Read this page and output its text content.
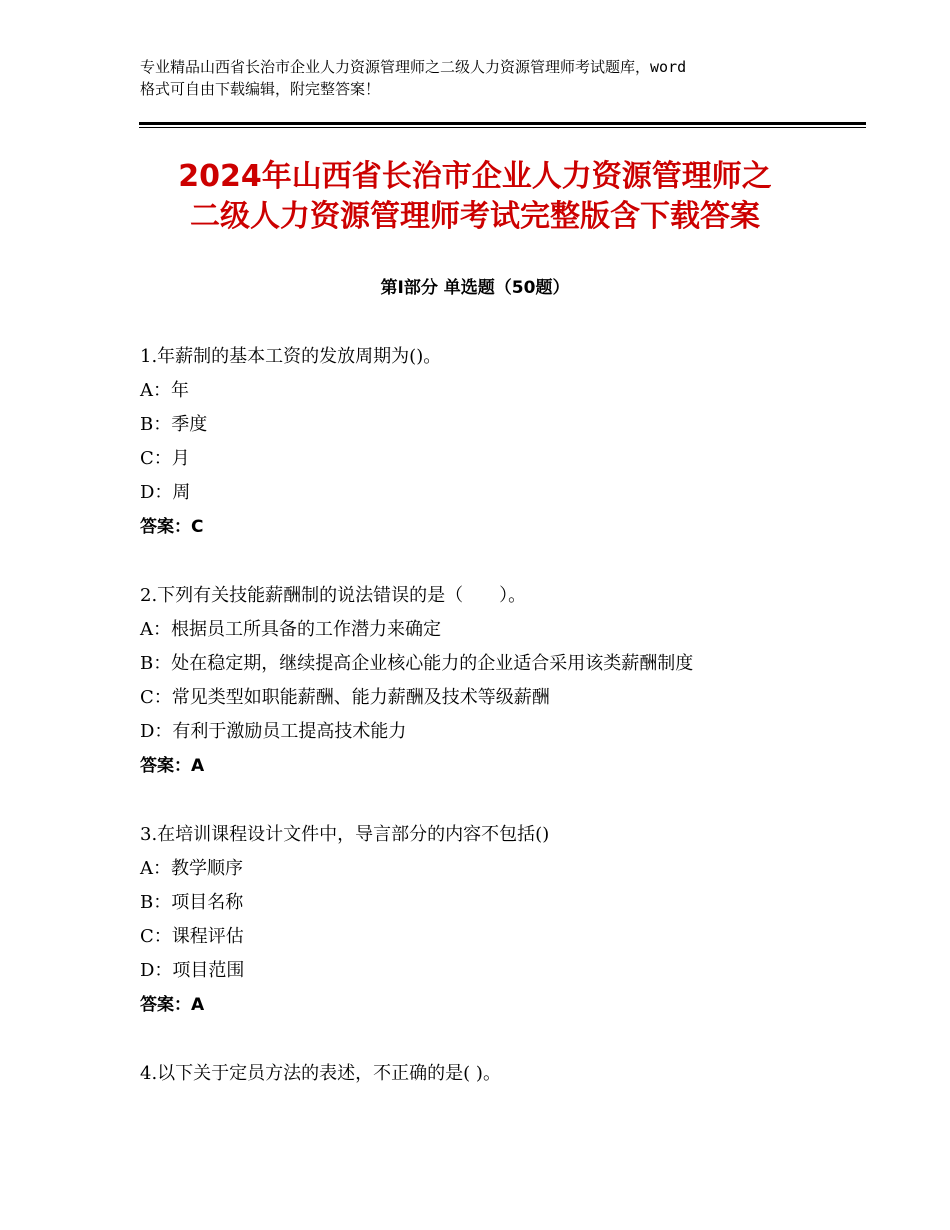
专业精品山西省长治市企业人力资源管理师之二级人力资源管理师考试题库，word
格式可自由下载编辑，附完整答案！
2024年山西省长治市企业人力资源管理师之
二级人力资源管理师考试完整版含下载答案
第Ⅰ部分 单选题（50题）
1.年薪制的基本工资的发放周期为()。
A：年
B：季度
C：月
D：周
答案：C
2.下列有关技能薪酬制的说法错误的是（　　）。
A：根据员工所具备的工作潜力来确定
B：处在稳定期，继续提高企业核心能力的企业适合采用该类薪酬制度
C：常见类型如职能薪酬、能力薪酬及技术等级薪酬
D：有利于激励员工提高技术能力
答案：A
3.在培训课程设计文件中，导言部分的内容不包括()
A：教学顺序
B：项目名称
C：课程评估
D：项目范围
答案：A
4.以下关于定员方法的表述，不正确的是( )。
